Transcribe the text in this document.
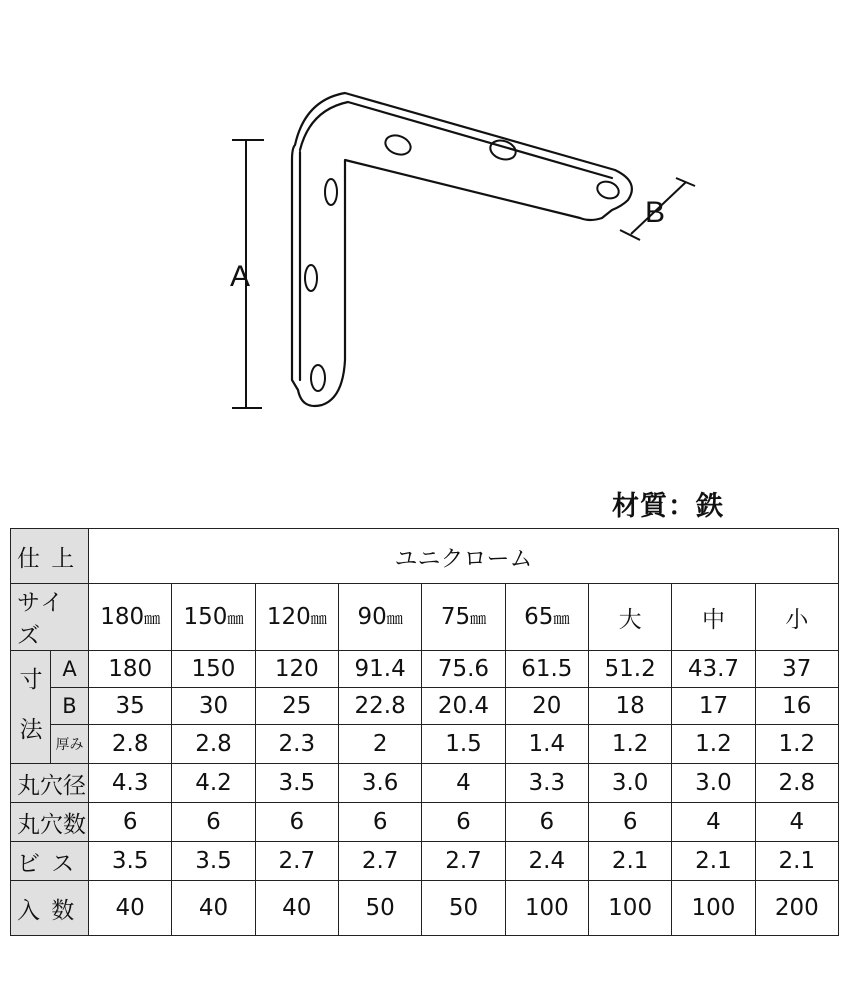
A
B
材質：鉄
仕 上		ユニクローム								
サイズ		180㎜	150㎜	120㎜	90㎜	75㎜	65㎜	大	中	小
寸 法	A	180	150	120	91.4	75.6	61.5	51.2	43.7	37
	B	35	30	25	22.8	20.4	20	18	17	16
	厚み	2.8	2.8	2.3	2	1.5	1.4	1.2	1.2	1.2
丸穴径		4.3	4.2	3.5	3.6	4	3.3	3.0	3.0	2.8
丸穴数		6	6	6	6	6	6	6	4	4
ビ ス		3.5	3.5	2.7	2.7	2.7	2.4	2.1	2.1	2.1
入 数		40	40	40	50	50	100	100	100	200
